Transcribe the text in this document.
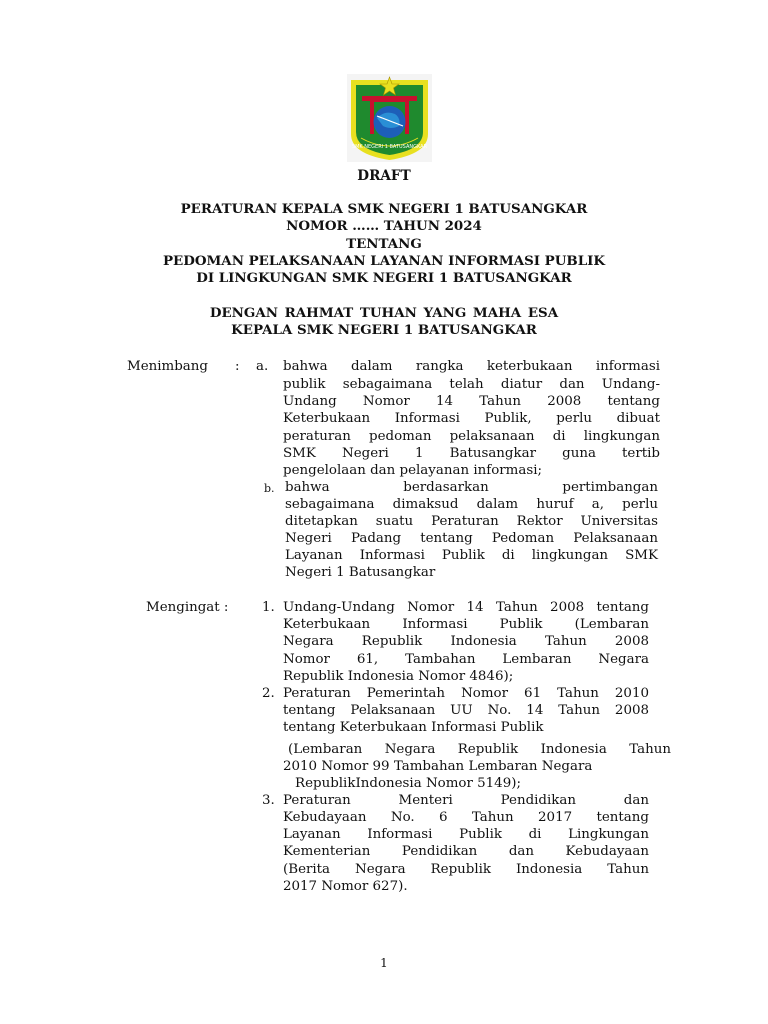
SMK NEGERI 1 BATUSANGKAR
DRAFT
PERATURAN KEPALA SMK NEGERI 1 BATUSANGKAR
NOMOR …… TAHUN 2024
TENTANG
PEDOMAN PELAKSANAAN LAYANAN INFORMASI PUBLIK
DI LINGKUNGAN SMK NEGERI 1 BATUSANGKAR
DENGAN RAHMAT TUHAN YANG MAHA ESA
KEPALA SMK NEGERI 1 BATUSANGKAR
Menimbang : a. bahwa dalam rangka keterbukaan informasi
publik sebagaimana telah diatur dan Undang-
Undang Nomor 14 Tahun 2008 tentang
Keterbukaan Informasi Publik, perlu dibuat
peraturan pedoman pelaksanaan di lingkungan
SMK Negeri 1 Batusangkar guna tertib
pengelolaan dan pelayanan informasi;
b. bahwa berdasarkan pertimbangan
sebagaimana dimaksud dalam huruf a, perlu
ditetapkan suatu Peraturan Rektor Universitas
Negeri Padang tentang Pedoman Pelaksanaan
Layanan Informasi Publik di lingkungan SMK
Negeri 1 Batusangkar
Mengingat :	1. Undang-Undang Nomor 14 Tahun 2008 tentang
Keterbukaan Informasi Publik (Lembaran
Negara Republik Indonesia Tahun 2008
Nomor 61, Tambahan Lembaran Negara
Republik Indonesia Nomor 4846);
2. Peraturan Pemerintah Nomor 61 Tahun 2010
tentang Pelaksanaan UU No. 14 Tahun 2008
tentang Keterbukaan Informasi Publik
(Lembaran Negara Republik Indonesia Tahun
2010 Nomor 99 Tambahan Lembaran Negara
RepublikIndonesia Nomor 5149);
3. Peraturan Menteri Pendidikan dan
Kebudayaan No. 6 Tahun 2017 tentang
Layanan Informasi Publik di Lingkungan
Kementerian Pendidikan dan Kebudayaan
(Berita Negara Republik Indonesia Tahun
2017 Nomor 627).
1
